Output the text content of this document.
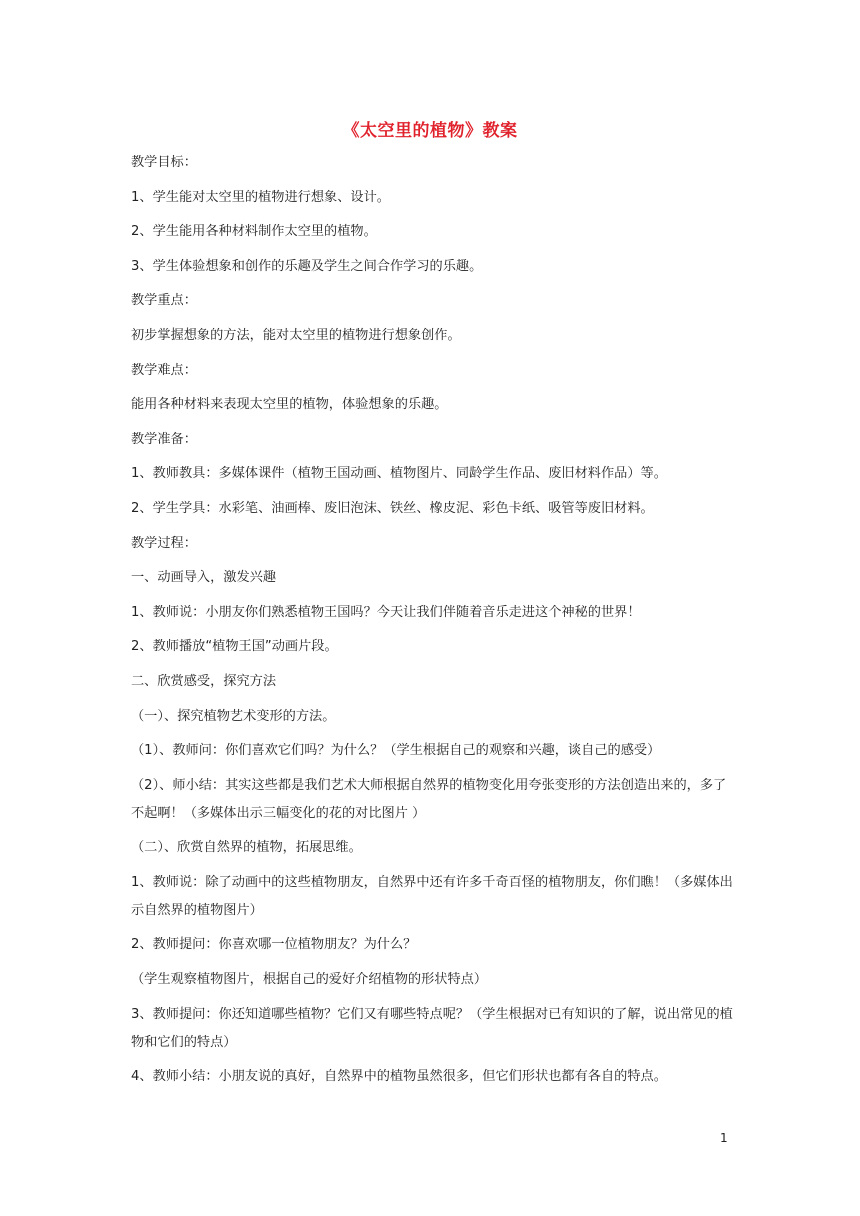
《太空里的植物》教案
教学目标：
1、学生能对太空里的植物进行想象、设计。
2、学生能用各种材料制作太空里的植物。
3、学生体验想象和创作的乐趣及学生之间合作学习的乐趣。
教学重点：
初步掌握想象的方法，能对太空里的植物进行想象创作。
教学难点：
能用各种材料来表现太空里的植物，体验想象的乐趣。
教学准备：
1、教师教具：多媒体课件（植物王国动画、植物图片、同龄学生作品、废旧材料作品）等。
2、学生学具：水彩笔、油画棒、废旧泡沫、铁丝、橡皮泥、彩色卡纸、吸管等废旧材料。
教学过程：
一、动画导入，激发兴趣
1、教师说：小朋友你们熟悉植物王国吗？今天让我们伴随着音乐走进这个神秘的世界！
2、教师播放“植物王国”动画片段。
二、欣赏感受，探究方法
（一）、探究植物艺术变形的方法。
（1）、教师问：你们喜欢它们吗？为什么？（学生根据自己的观察和兴趣，谈自己的感受）
（2）、师小结：其实这些都是我们艺术大师根据自然界的植物变化用夸张变形的方法创造出来的，多了不起啊！（多媒体出示三幅变化的花的对比图片 ）
（二）、欣赏自然界的植物，拓展思维。
1、教师说：除了动画中的这些植物朋友，自然界中还有许多千奇百怪的植物朋友，你们瞧！（多媒体出示自然界的植物图片）
2、教师提问：你喜欢哪一位植物朋友？为什么？
（学生观察植物图片，根据自己的爱好介绍植物的形状特点）
3、教师提问：你还知道哪些植物？它们又有哪些特点呢？（学生根据对已有知识的了解，说出常见的植物和它们的特点）
4、教师小结：小朋友说的真好，自然界中的植物虽然很多，但它们形状也都有各自的特点。
1
